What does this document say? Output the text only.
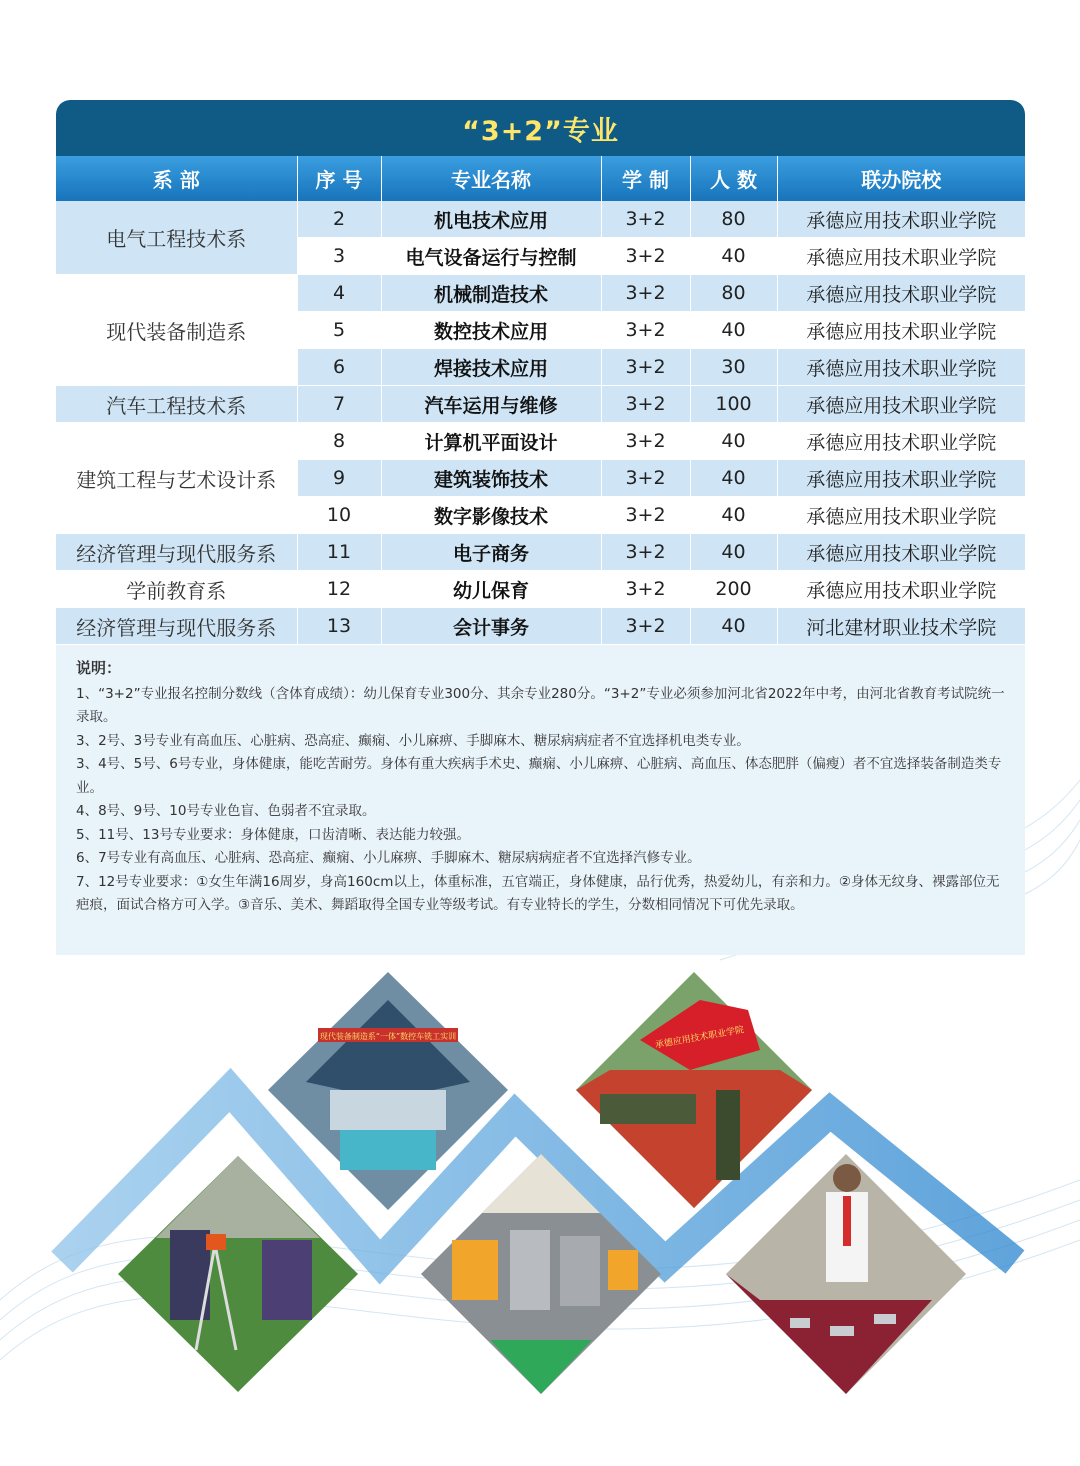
“3+2”专业
系 部	序 号	专业名称	学 制	人 数	联办院校
电气工程技术系	2	机电技术应用	3+2	80	承德应用技术职业学院
	3	电气设备运行与控制	3+2	40	承德应用技术职业学院
现代装备制造系	4	机械制造技术	3+2	80	承德应用技术职业学院
	5	数控技术应用	3+2	40	承德应用技术职业学院
	6	焊接技术应用	3+2	30	承德应用技术职业学院
汽车工程技术系	7	汽车运用与维修	3+2	100	承德应用技术职业学院
建筑工程与艺术设计系	8	计算机平面设计	3+2	40	承德应用技术职业学院
	9	建筑装饰技术	3+2	40	承德应用技术职业学院
	10	数字影像技术	3+2	40	承德应用技术职业学院
经济管理与现代服务系	11	电子商务	3+2	40	承德应用技术职业学院
学前教育系	12	幼儿保育	3+2	200	承德应用技术职业学院
经济管理与现代服务系	13	会计事务	3+2	40	河北建材职业技术学院
说明：

1、“3+2”专业报名控制分数线（含体育成绩）：幼儿保育专业300分、其余专业280分。“3+2”专业必须参加河北省2022年中考，由河北省教育考试院统一录取。

3、2号、3号专业有高血压、心脏病、恐高症、癫痫、小儿麻痹、手脚麻木、糖尿病病症者不宜选择机电类专业。

3、4号、5号、6号专业，身体健康，能吃苦耐劳。身体有重大疾病手术史、癫痫、小儿麻痹、心脏病、高血压、体态肥胖（偏瘦）者不宜选择装备制造类专业。

4、8号、9号、10号专业色盲、色弱者不宜录取。

5、11号、13号专业要求：身体健康，口齿清晰、表达能力较强。

6、7号专业有高血压、心脏病、恐高症、癫痫、小儿麻痹、手脚麻木、糖尿病病症者不宜选择汽修专业。

7、12号专业要求：①女生年满16周岁，身高160cm以上，体重标准，五官端正，身体健康，品行优秀，热爱幼儿，有亲和力。②身体无纹身、裸露部位无疤痕，面试合格方可入学。③音乐、美术、舞蹈取得全国专业等级考试。有专业特长的学生，分数相同情况下可优先录取。

现代装备制造系“一体”数控车铣工实训	承德应用技术职业学院
